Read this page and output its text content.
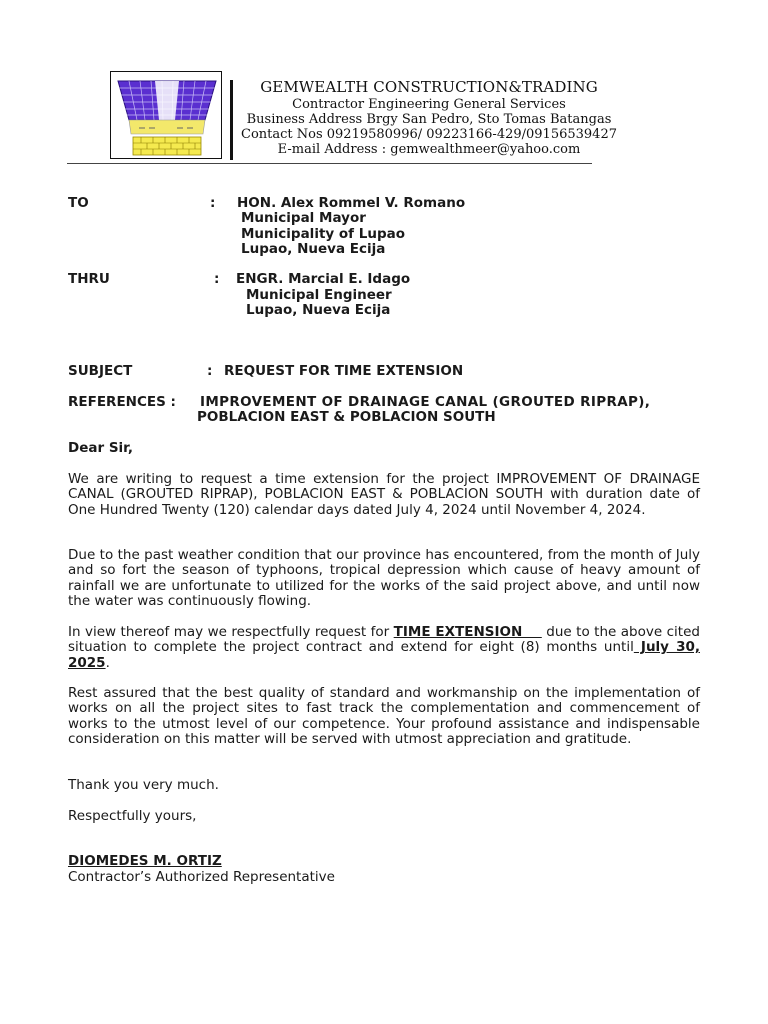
GEMWEALTH CONSTRUCTION&TRADING
Contractor Engineering General Services
Business Address Brgy San Pedro, Sto Tomas Batangas
Contact Nos 09219580996/ 09223166-429/09156539427
E-mail Address : gemwealthmeer@yahoo.com
TO	: HON. Alex Rommel V. Romano
Municipal Mayor
Municipality of Lupao
Lupao, Nueva Ecija
THRU	: ENGR. Marcial E. Idago
Municipal Engineer
Lupao, Nueva Ecija
SUBJECT	: REQUEST FOR TIME EXTENSION
REFERENCES : IMPROVEMENT OF DRAINAGE CANAL (GROUTED RIPRAP),
POBLACION EAST & POBLACION SOUTH
Dear Sir,
We are writing to request a time extension for the project IMPROVEMENT OF DRAINAGE CANAL (GROUTED RIPRAP), POBLACION EAST & POBLACION SOUTH with duration date of One Hundred Twenty (120) calendar days dated July 4, 2024 until November 4, 2024.
Due to the past weather condition that our province has encountered, from the month of July and so fort the season of typhoons, tropical depression which cause of heavy amount of rainfall we are unfortunate to utilized for the works of the said project above, and until now the water was continuously flowing.
In view thereof may we respectfully request for TIME EXTENSION     due to the above cited situation to complete the project contract and extend for eight (8) months until July 30, 2025.
Rest assured that the best quality of standard and workmanship on the implementation of works on all the project sites to fast track the complementation and commencement of works to the utmost level of our competence. Your profound assistance and indispensable consideration on this matter will be served with utmost appreciation and gratitude.
Thank you very much.
Respectfully yours,
DIOMEDES M. ORTIZ
Contractor’s Authorized Representative
